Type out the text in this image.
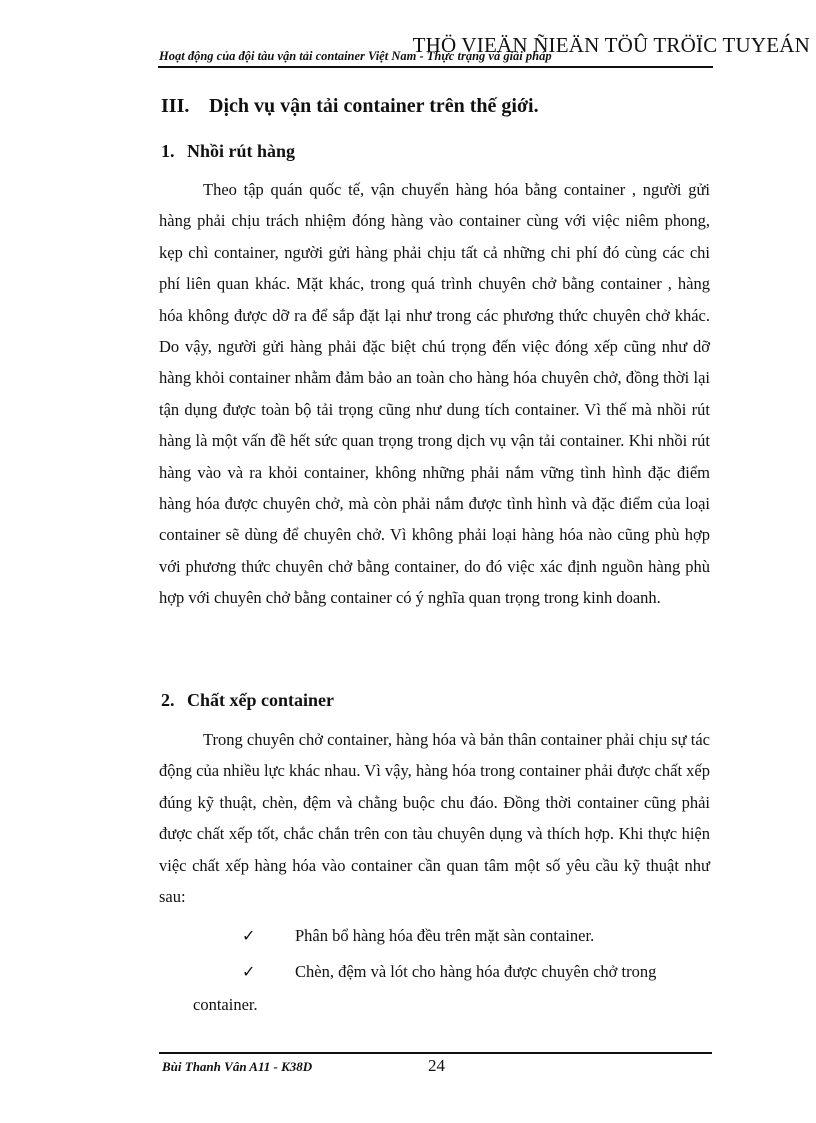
THÖ VIEÄN ÑIEÄN TÖÛ TRÖÏC TUYEÁN
Hoạt động của đội tàu vận tải container Việt Nam - Thực trạng và giải pháp
III. Dịch vụ vận tải container trên thế giới.
1. Nhồi rút hàng

Theo tập quán quốc tế, vận chuyển hàng hóa bằng container , người gửi hàng phải chịu trách nhiệm đóng hàng vào container cùng với việc niêm phong, kẹp chì container, người gửi hàng phải chịu tất cả những chi phí đó cùng các chi phí liên quan khác. Mặt khác, trong quá trình chuyên chở bằng container , hàng hóa không được dỡ ra để sắp đặt lại như trong các phương thức chuyên chở khác. Do vậy, người gửi hàng phải đặc biệt chú trọng đến việc đóng xếp cũng như dỡ hàng khỏi container nhằm đảm bảo an toàn cho hàng hóa chuyên chở, đồng thời lại tận dụng được toàn bộ tải trọng cũng như dung tích container. Vì thế mà nhồi rút hàng là một vấn đề hết sức quan trọng trong dịch vụ vận tải container. Khi nhồi rút hàng vào và ra khỏi container, không những phải nắm vững tình hình đặc điểm hàng hóa được chuyên chở, mà còn phải nắm được tình hình và đặc điểm của loại container sẽ dùng để chuyên chở. Vì không phải loại hàng hóa nào cũng phù hợp với phương thức chuyên chở bằng container, do đó việc xác định nguồn hàng phù hợp với chuyên chở bằng container có ý nghĩa quan trọng trong kinh doanh.

2. Chất xếp container

Trong chuyên chở container, hàng hóa và bản thân container phải chịu sự tác động của nhiều lực khác nhau. Vì vậy, hàng hóa trong container phải được chất xếp đúng kỹ thuật, chèn, đệm và chằng buộc chu đáo. Đồng thời container cũng phải được chất xếp tốt, chắc chắn trên con tàu chuyên dụng và thích hợp. Khi thực hiện việc chất xếp hàng hóa vào container cần quan tâm một số yêu cầu kỹ thuật như sau:

✓ Phân bổ hàng hóa đều trên mặt sàn container.
✓ Chèn, đệm và lót cho hàng hóa được chuyên chở trong
container.
Bùi Thanh Vân A11 - K38D	24
